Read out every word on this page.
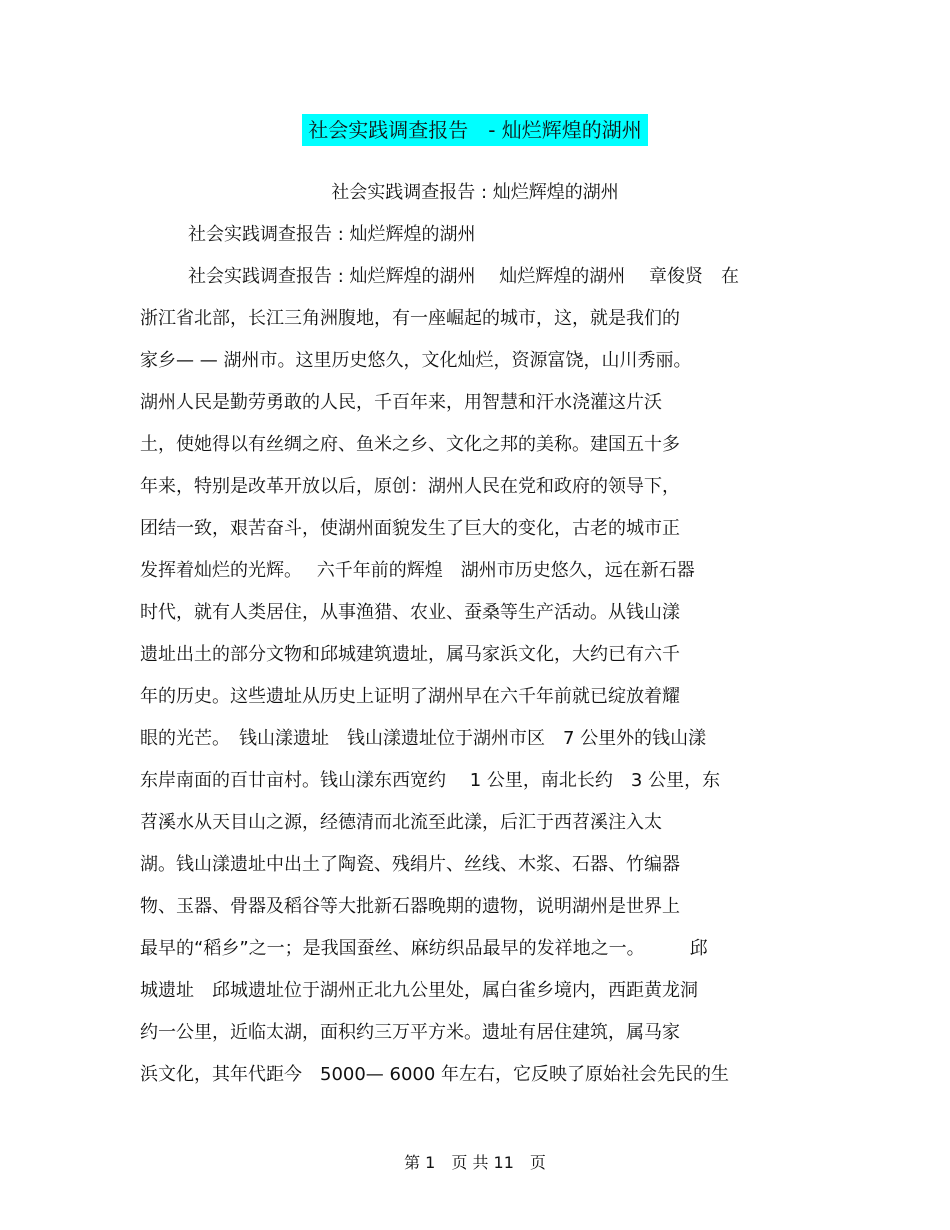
社会实践调查报告　- 灿烂辉煌的湖州
社会实践调查报告 : 灿烂辉煌的湖州
社会实践调查报告 : 灿烂辉煌的湖州
社会实践调查报告 : 灿烂辉煌的湖州　 灿烂辉煌的湖州　 章俊贤　在
浙江省北部，长江三角洲腹地，有一座崛起的城市，这，就是我们的
家乡— — 湖州市。这里历史悠久，文化灿烂，资源富饶，山川秀丽。
湖州人民是勤劳勇敢的人民，千百年来，用智慧和汗水浇灌这片沃
土，使她得以有丝绸之府、鱼米之乡、文化之邦的美称。建国五十多
年来，特别是改革开放以后，原创：湖州人民在党和政府的领导下，
团结一致，艰苦奋斗，使湖州面貌发生了巨大的变化，古老的城市正
发挥着灿烂的光辉。　 六千年前的辉煌　湖州市历史悠久，远在新石器
时代，就有人类居住，从事渔猎、农业、蚕桑等生产活动。从钱山漾
遗址出土的部分文物和邱城建筑遗址，属马家浜文化，大约已有六千
年的历史。这些遗址从历史上证明了湖州早在六千年前就已绽放着耀
眼的光芒。　钱山漾遗址　钱山漾遗址位于湖州市区　7 公里外的钱山漾
东岸南面的百廿亩村。钱山漾东西宽约　 1 公里，南北长约　3 公里，东
苕溪水从天目山之源，经德清而北流至此漾，后汇于西苕溪注入太
湖。钱山漾遗址中出土了陶瓷、残绢片、丝线、木浆、石器、竹编器
物、玉器、骨器及稻谷等大批新石器晚期的遗物，说明湖州是世界上
最早的“稻乡”之一；是我国蚕丝、麻纺织品最早的发祥地之一。　　　邱
城遗址　邱城遗址位于湖州正北九公里处，属白雀乡境内，西距黄龙洞
约一公里，近临太湖，面积约三万平方米。遗址有居住建筑，属马家
浜文化，其年代距今　5000— 6000 年左右，它反映了原始社会先民的生
第 1　页 共 11　页
